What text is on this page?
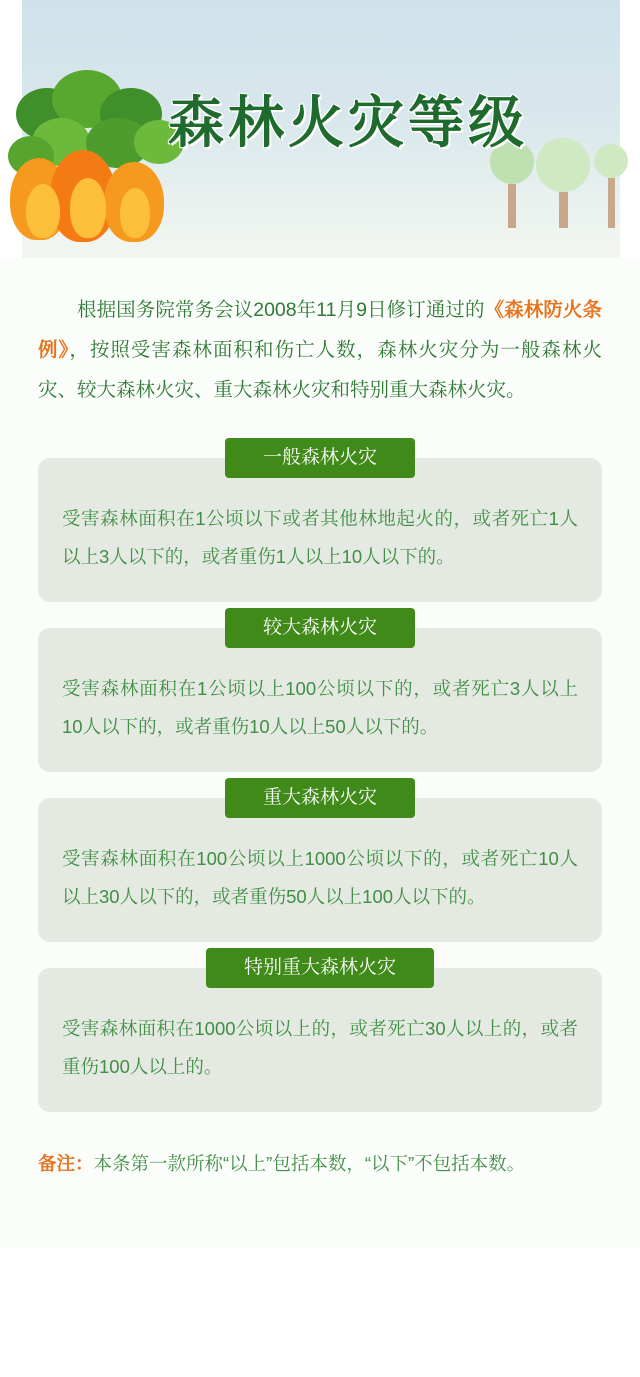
森林火灾等级

根据国务院常务会议2008年11月9日修订通过的《森林防火条例》，按照受害森林面积和伤亡人数，森林火灾分为一般森林火灾、较大森林火灾、重大森林火灾和特别重大森林火灾。

一般森林火灾
受害森林面积在1公顷以下或者其他林地起火的，或者死亡1人以上3人以下的，或者重伤1人以上10人以下的。
较大森林火灾
受害森林面积在1公顷以上100公顷以下的，或者死亡3人以上10人以下的，或者重伤10人以上50人以下的。
重大森林火灾
受害森林面积在100公顷以上1000公顷以下的，或者死亡10人以上30人以下的，或者重伤50人以上100人以下的。
特别重大森林火灾
受害森林面积在1000公顷以上的，或者死亡30人以上的，或者重伤100人以上的。

备注：本条第一款所称“以上”包括本数，“以下”不包括本数。
